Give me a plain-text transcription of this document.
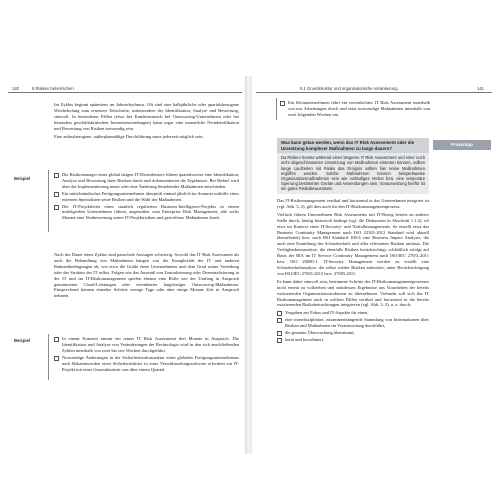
140	5 Risiken beherrschen	5.1 Grundstruktur und organisatorische Verankerung	141

Im Zyklus beginnt spätestens im Jahresrhythmus. Oft sind eine halbjährliche oder quartalsbezogene Wiederholung zum erneuten Teilschritte, insbesondere der Identifikation, Analyse und Bewertung, sinnvoll. In besonderen Fällen (etwa bei Kundenwunsch bei Outsourcing-Unternehmen oder bei besonders geschäftskritischen Internetanwendungen) kann sogar eine monatliche Neuidentifikation und Bewertung von Risiken notwendig sein.

Eine anlassbezogene, außerplanmäßige Durchführung muss jederzeit möglich sein.

Beispiel
Die Risikomanager eines global tätigen IT-Dienstleisters führen quartalsweise eine Identifikation, Analyse und Bewertung ihrer Risiken durch und dokumentieren die Ergebnisse. Bei Bedarf wird über die Implementierung neuer oder eine Änderung bestehender Maßnahmen entschieden.
Ein mittelständisches Fertigungsunternehmen überprüft einmal jährlich im Sommer mithilfe eines externen Spezialisten seine Risiken und die Wahl der Maßnahmen.
Die IT-Projektleiter eines staatlich regulierten Business-Intelligence-Projekts in einem mittelgroßen Unternehmen führen, angestoßen vom Enterprise Risk Management, alle sechs Monate eine Neubewertung seiner IT-Projektrisiken und getroffener Maßnahmen durch.

Nach der Dauer eines Zyklus sind pauschale Aussagen schwierig. Sowohl das IT Risk Assessment als auch die Behandlung von Maßnahmen hängen von der Komplexität der IT und anderen Rahmenbedingungen ab, wie etwa die Größe eines Unternehmens und dem Grad seiner Verteilung oder der Struktur der IT selbst. Folgen wie das Ausmaß von Zentralisierung oder Dezentralisierung in der IT und im IT-Risikomanagement spielen ebenso eine Rolle wie der Umfang in Anspruch genommener Cloud-Leistungen oder vereinbarter langfristiger Outsourcing-Maßnahmen. Entsprechend können einzelne Schritte wenige Tage oder aber einige Monate Zeit in Anspruch nehmen.

Beispiel	In einem Konzern nimmt ein reines IT Risk Assessment drei Monate in Anspruch. Die Identifikation und Analyse von Veränderungen der Rechnologie wird in den sich anschließenden Zyklen innerhalb von zwei bis vier Wochen durchgeführt.
Notwendige Änderungen in der Sicherheitsinfrastruktur eines globalen Fertigungsunternehmens nach Bekanntwerden einer Sicherheitslücke in einer Verschlüsselungssoftware erfordern ein IT-Projekt mit einer Gesamtlaufzeit von über einem Quartal.
Ein Kleinunternehmen führt ein vereinfachtes IT Risk Assessment innerhalb von nur Arbeitstagen durch und setzt notwendige Maßnahmen innerhalb von zwei folgenden Wochen um.
Praxistipp
Was kann getan werden, wenn das IT Risk Assessment oder die Umsetzung komplexer Maßnahmen zu lange dauern?
Da Risiken bereits während eines längeren IT Risk Assessment und einer noch nicht abgeschlossenen Umsetzung von Maßnahmen eintreten können, sollten lange Laufzeiten mit Risiko das Ereignis sollten hier keine Maßnahmen ergriffen werden. Solche Maßnahmen können beispielsweise Organisationsmaßnahmen sein wie vorläufiges Verbot bzw. eine temporäre Sperrung bestimmter Geräte und Anwendungen sein. Voraussetzung hierfür ist ein gutes Risikobewusstsein.

Das IT-Risikomanagement vertikal und horizontal in das Unternehmen integriert ist (vgl. Abb. 5–3), gilt dies auch für den IT-Risikomanagementprozess.

Vielfach führen Unternehmen Risk Assessments mit IT-Bezug bereits an anderer Stelle durch, häufig historisch bedingt (vgl. die Diskussion in Abschnitt 1.1.2), oft etwa im Kontext eines IT-Security- und Notfallmanagements. So erstellt etwa das Business Continuity Management nach ISO 22301:2012 Standard wird aktuell überarbeitet) bzw. nach BSI Standard 100-4 eine Business Impact Analysis, die auch eine Ermittlung des Schutzbedarfs und aller relevanten Risiken umfasst. Die Verfügbarkeitsanalyse, die ebenfalls Risiken berücksichtigt, schließlich erfolgt auf Basis der BIA im IT Service Continuity Management nach ISO/IEC 27031:2011 bzw. ISO 20000-1. IT-Security Management werden zu erstellt eine Schutzbedarfsanalyse, die selbst wieder Risiken adressiert, unter Berücksichtigung von ISO/IEC 27001:2013 bzw. 27005:2011.

Es kann daher sinnvoll sein, bestimmte Schritte des IT-Risikomanagementprozesses nicht erneut zu vollziehen und stattdessen Ergebnisse aus Vorarbeiten der bereits existierenden Organisationsstrukturen zu übernehmen. Vielmehr soll sich das IT Risikomanagement auch in solchen Fällen vertikal und horizontal in die bereits existierenden Risikobetrachtungen integrieren (vgl. Abb. 5–3), u. a. durch:

Vorgaben zur Fokus und IT-Aspekte für einen,
eine interdisziplinäre, zusammenhängende Sammlung von Informationen über Risiken und Maßnahmen im Verantwortung durchführt,
die gesamte Überwachung übernimmt,
berät und koordiniert.
